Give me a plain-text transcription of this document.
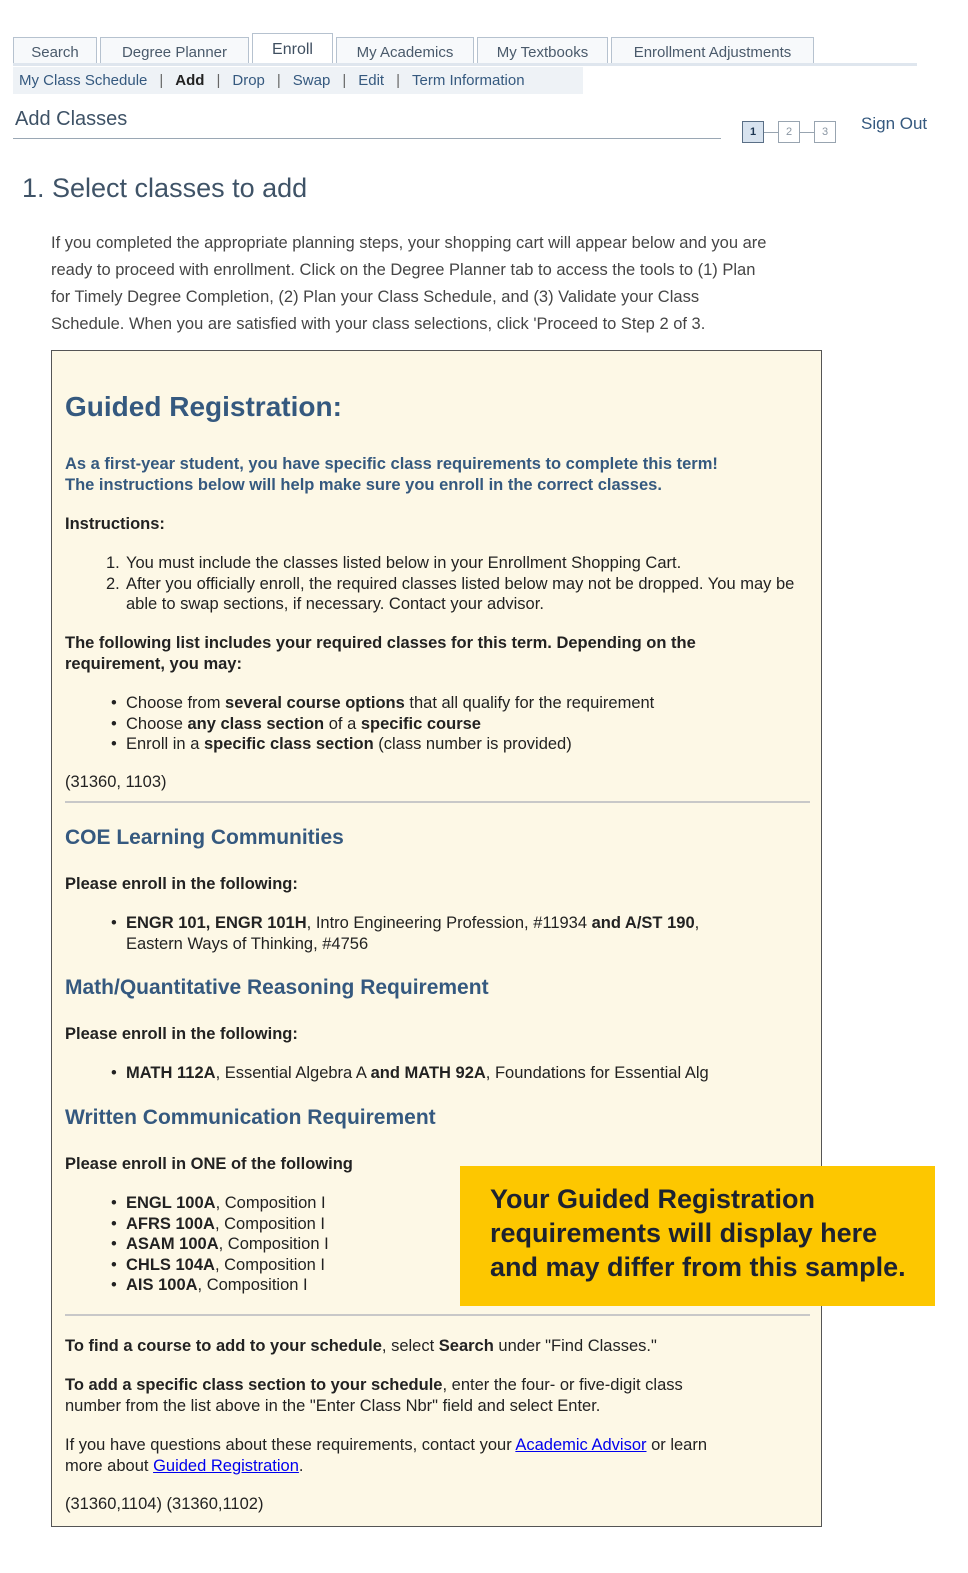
Search	Degree Planner	Enroll	My Academics	My Textbooks	Enrollment Adjustments
My Class Schedule | Add | Drop | Swap | Edit | Term Information
Add Classes
1	2	3	Sign Out
1. Select classes to add
If you completed the appropriate planning steps, your shopping cart will appear below and you are
ready to proceed with enrollment. Click on the Degree Planner tab to access the tools to (1) Plan
for Timely Degree Completion, (2) Plan your Class Schedule, and (3) Validate your Class
Schedule. When you are satisfied with your class selections, click 'Proceed to Step 2 of 3.
Guided Registration:
As a first-year student, you have specific class requirements to complete this term!
The instructions below will help make sure you enroll in the correct classes.
Instructions:
1. You must include the classes listed below in your Enrollment Shopping Cart.
2. After you officially enroll, the required classes listed below may not be dropped. You may be able to swap sections, if necessary. Contact your advisor.
The following list includes your required classes for this term. Depending on the
requirement, you may:
• Choose from several course options that all qualify for the requirement
• Choose any class section of a specific course
• Enroll in a specific class section (class number is provided)
(31360, 1103)
COE Learning Communities
Please enroll in the following:
• ENGR 101, ENGR 101H, Intro Engineering Profession, #11934 and A/ST 190,
Eastern Ways of Thinking, #4756
Math/Quantitative Reasoning Requirement
Please enroll in the following:
• MATH 112A, Essential Algebra A and MATH 92A, Foundations for Essential Alg
Written Communication Requirement
Please enroll in ONE of the following
• ENGL 100A, Composition I
• AFRS 100A, Composition I
• ASAM 100A, Composition I
• CHLS 104A, Composition I
• AIS 100A, Composition I
To find a course to add to your schedule, select Search under "Find Classes."
To add a specific class section to your schedule, enter the four- or five-digit class
number from the list above in the "Enter Class Nbr" field and select Enter.
If you have questions about these requirements, contact your Academic Advisor or learn
more about Guided Registration.
(31360,1104) (31360,1102)
Your Guided Registration
requirements will display here
and may differ from this sample.
